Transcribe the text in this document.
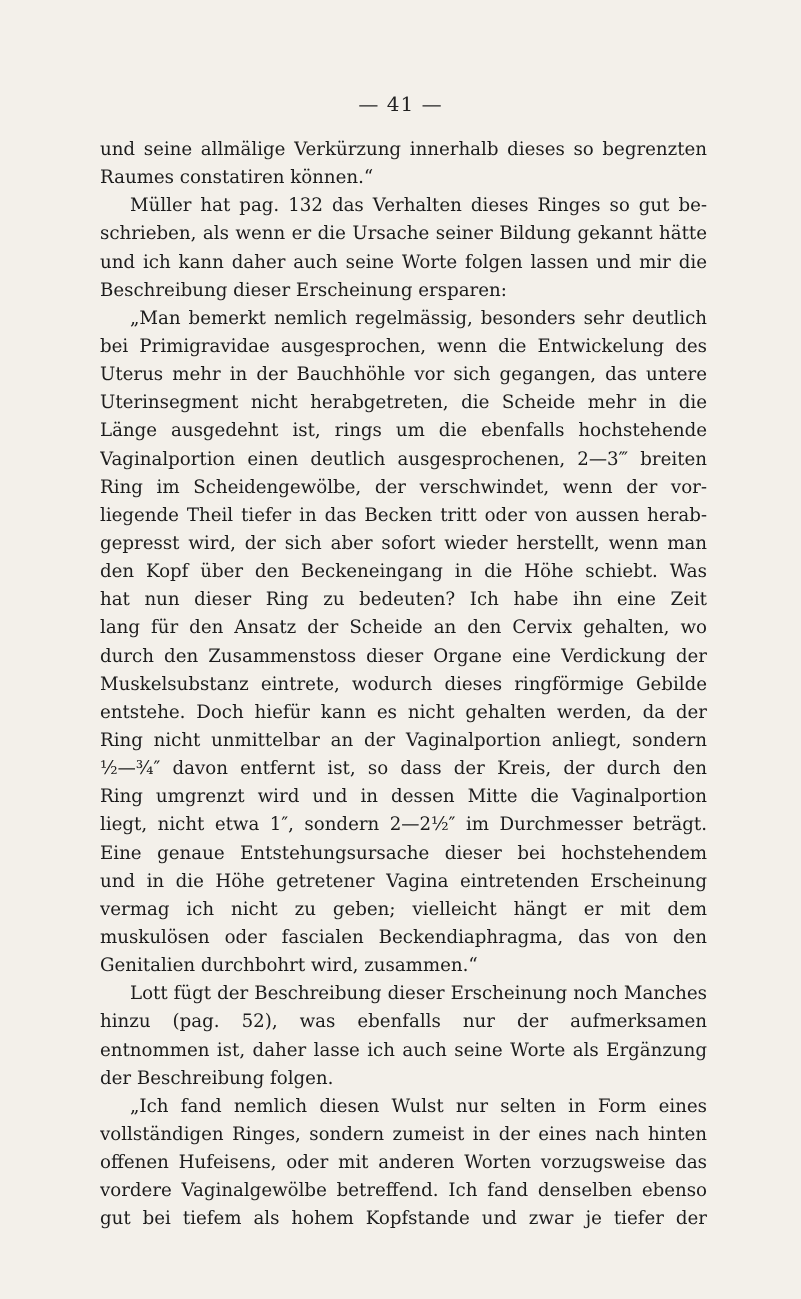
— 41 —
und seine allmälige Verkürzung innerhalb dieses so begrenzten
Raumes constatiren können.“
Müller hat pag. 132 das Verhalten dieses Ringes so gut be-
schrieben, als wenn er die Ursache seiner Bildung gekannt hätte
und ich kann daher auch seine Worte folgen lassen und mir die
Beschreibung dieser Erscheinung ersparen:
„Man bemerkt nemlich regelmässig, besonders sehr deutlich
bei Primigravidae ausgesprochen, wenn die Entwickelung des
Uterus mehr in der Bauchhöhle vor sich gegangen, das untere
Uterinsegment nicht herabgetreten, die Scheide mehr in die
Länge ausgedehnt ist, rings um die ebenfalls hochstehende
Vaginalportion einen deutlich ausgesprochenen, 2—3‴ breiten
Ring im Scheidengewölbe, der verschwindet, wenn der vor-
liegende Theil tiefer in das Becken tritt oder von aussen herab-
gepresst wird, der sich aber sofort wieder herstellt, wenn man
den Kopf über den Beckeneingang in die Höhe schiebt. Was
hat nun dieser Ring zu bedeuten? Ich habe ihn eine Zeit
lang für den Ansatz der Scheide an den Cervix gehalten, wo
durch den Zusammenstoss dieser Organe eine Verdickung der
Muskelsubstanz eintrete, wodurch dieses ringförmige Gebilde
entstehe. Doch hiefür kann es nicht gehalten werden, da der
Ring nicht unmittelbar an der Vaginalportion anliegt, sondern
½—¾″ davon entfernt ist, so dass der Kreis, der durch den
Ring umgrenzt wird und in dessen Mitte die Vaginalportion
liegt, nicht etwa 1″, sondern 2—2½″ im Durchmesser beträgt.
Eine genaue Entstehungsursache dieser bei hochstehendem
und in die Höhe getretener Vagina eintretenden Erscheinung
vermag ich nicht zu geben; vielleicht hängt er mit dem
muskulösen oder fascialen Beckendiaphragma, das von den
Genitalien durchbohrt wird, zusammen.“
Lott fügt der Beschreibung dieser Erscheinung noch Manches
hinzu (pag. 52), was ebenfalls nur der aufmerksamen
entnommen ist, daher lasse ich auch seine Worte als Ergänzung
der Beschreibung folgen.
„Ich fand nemlich diesen Wulst nur selten in Form eines
vollständigen Ringes, sondern zumeist in der eines nach hinten
offenen Hufeisens, oder mit anderen Worten vorzugsweise das
vordere Vaginalgewölbe betreffend. Ich fand denselben ebenso
gut bei tiefem als hohem Kopfstande und zwar je tiefer der
